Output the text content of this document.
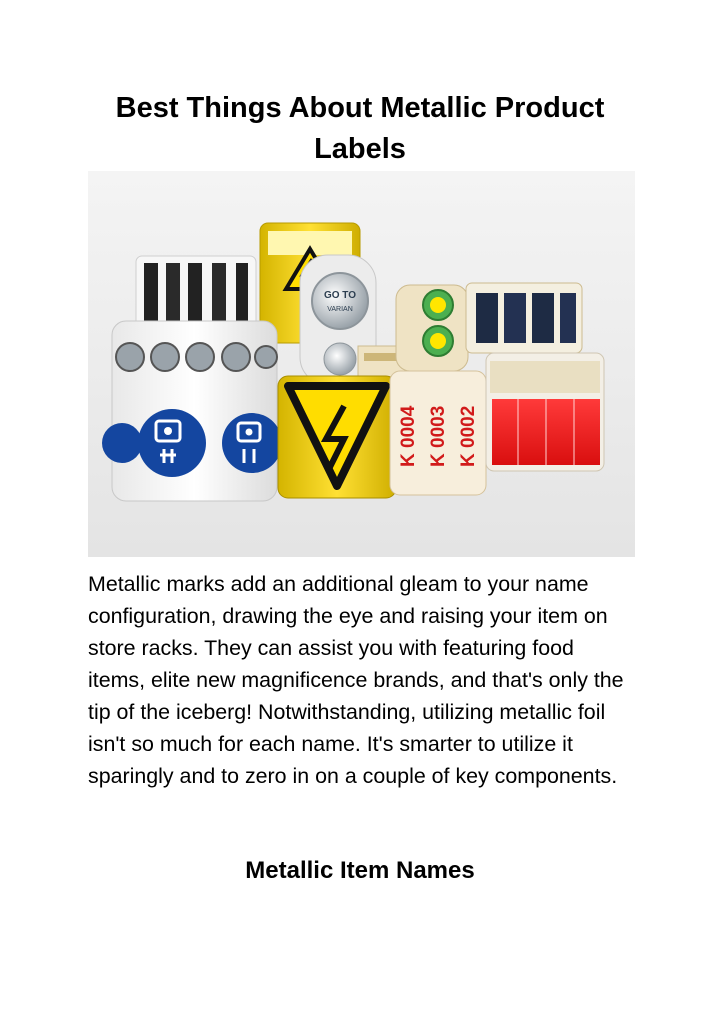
Best Things About Metallic Product Labels
GO TO
VARIAN
K 0004 K 0003 K 0002

Metallic marks add an additional gleam to your name configuration, drawing the eye and raising your item on store racks. They can assist you with featuring food items, elite new magnificence brands, and that's only the tip of the iceberg! Notwithstanding, utilizing metallic foil isn't so much for each name. It's smarter to utilize it sparingly and to zero in on a couple of key components.

Metallic Item Names
